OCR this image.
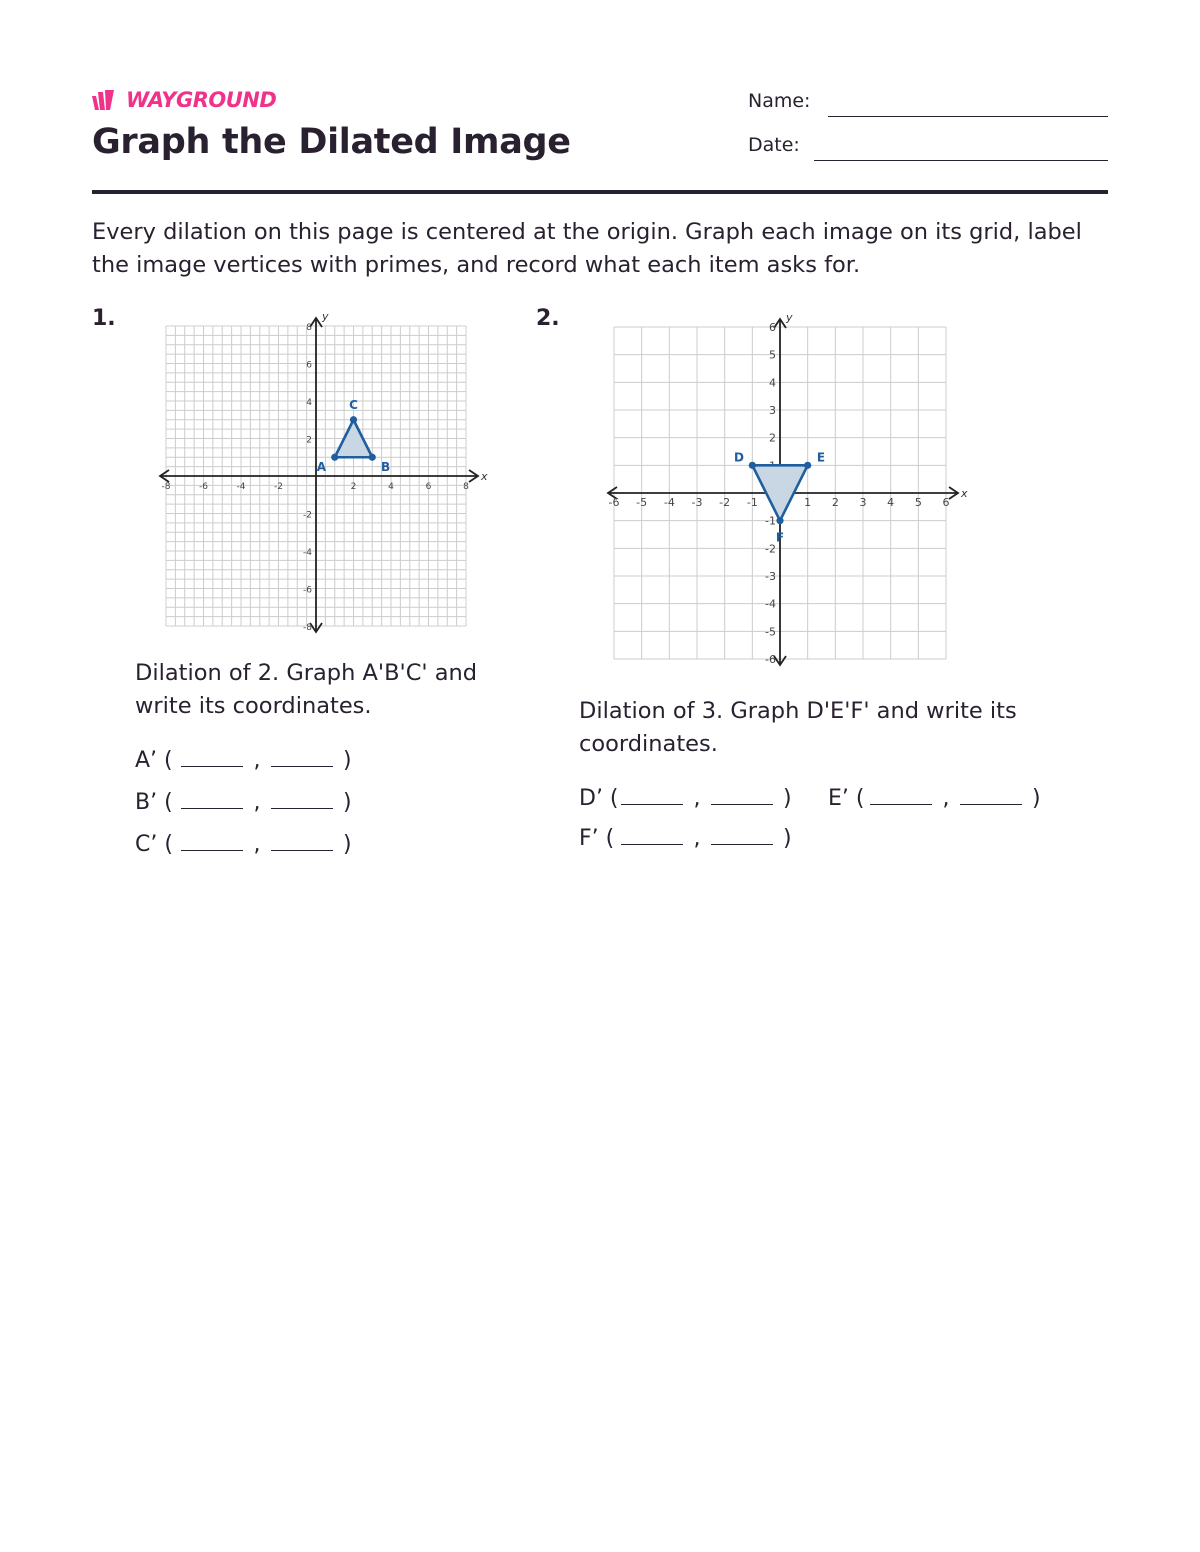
WAYGROUND
Graph the Dilated Image
Name:
Date:
Every dilation on this page is centered at the origin. Graph each image on its grid, label the image vertices with primes, and record what each item asks for.
1.
x
y
-8	-6	-4	-2	2	4	6	8
8
6
4
2
-2
-4
-6
-8
A	B
C
Dilation of 2. Graph A'B'C' and write its coordinates.
A’ (	,	)
B’ (	,	)
C’ (	,	)
2.
x
y
-6 -5 -4 -3 -2 -1	1 2 3 4 5 6
6
5
4
3
2
-1
-2
-3
-4
-5
-6
D	E
F
Dilation of 3. Graph D'E'F' and write its coordinates.
D’ (	,	) E’ (	,	)
F’ (	,	)
